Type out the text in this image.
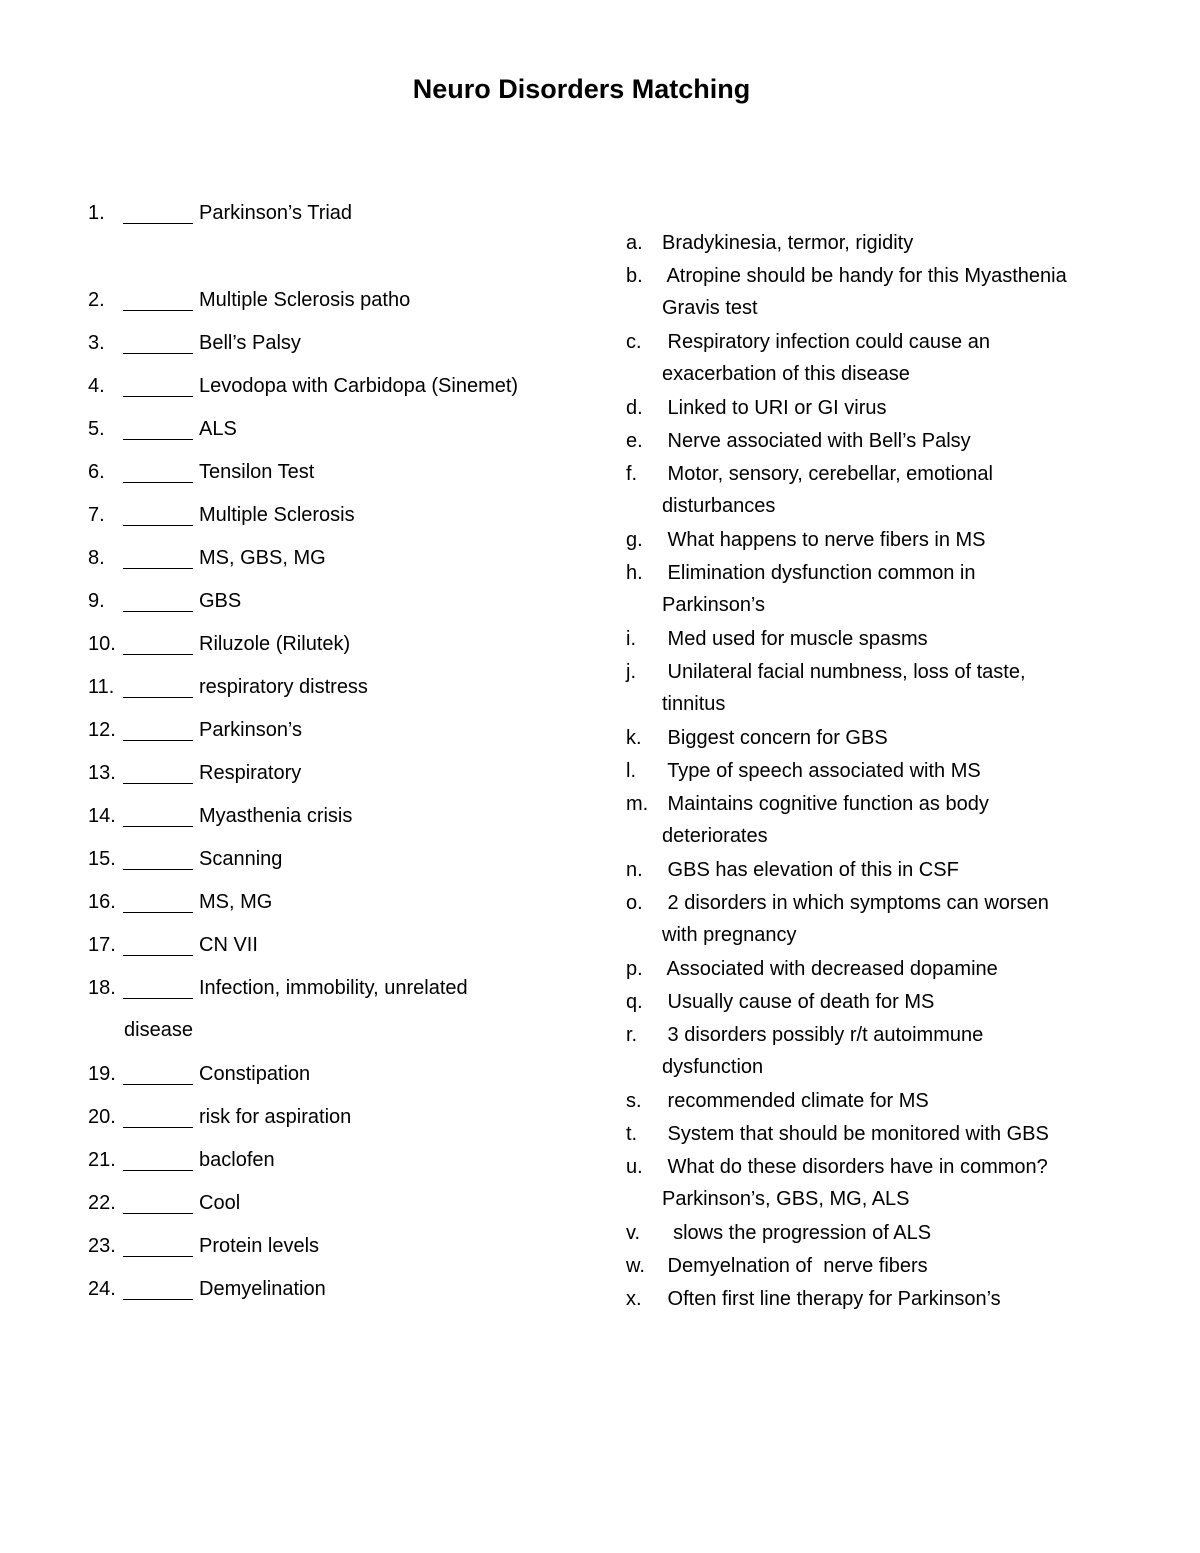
Neuro Disorders Matching
1.	Parkinson’s Triad
2.	Multiple Sclerosis patho
3.	Bell’s Palsy
4.	Levodopa with Carbidopa (Sinemet)
5.	ALS
6.	Tensilon Test
7.	Multiple Sclerosis
8.	MS, GBS, MG
9.	GBS
10.	Riluzole (Rilutek)
11.	respiratory distress
12.	Parkinson’s
13.	Respiratory
14.	Myasthenia crisis
15.	Scanning
16.	MS, MG
17.	CN VII
18.	Infection, immobility, unrelated
disease
19.	Constipation
20.	risk for aspiration
21.	baclofen
22.	Cool
23.	Protein levels
24.	Demyelination
a. Bradykinesia, termor, rigidity
b. Atropine should be handy for this Myasthenia
Gravis test
c. Respiratory infection could cause an
exacerbation of this disease
d. Linked to URI or GI virus
e. Nerve associated with Bell’s Palsy
f. Motor, sensory, cerebellar, emotional
disturbances
g. What happens to nerve fibers in MS
h. Elimination dysfunction common in
Parkinson’s
i. Med used for muscle spasms
j. Unilateral facial numbness, loss of taste,
tinnitus
k. Biggest concern for GBS
l. Type of speech associated with MS
m. Maintains cognitive function as body
deteriorates
n. GBS has elevation of this in CSF
o. 2 disorders in which symptoms can worsen
with pregnancy
p. Associated with decreased dopamine
q. Usually cause of death for MS
r. 3 disorders possibly r/t autoimmune
dysfunction
s. recommended climate for MS
t. System that should be monitored with GBS
u. What do these disorders have in common?
Parkinson’s, GBS, MG, ALS
v. slows the progression of ALS
w. Demyelnation of  nerve fibers
x. Often first line therapy for Parkinson’s
